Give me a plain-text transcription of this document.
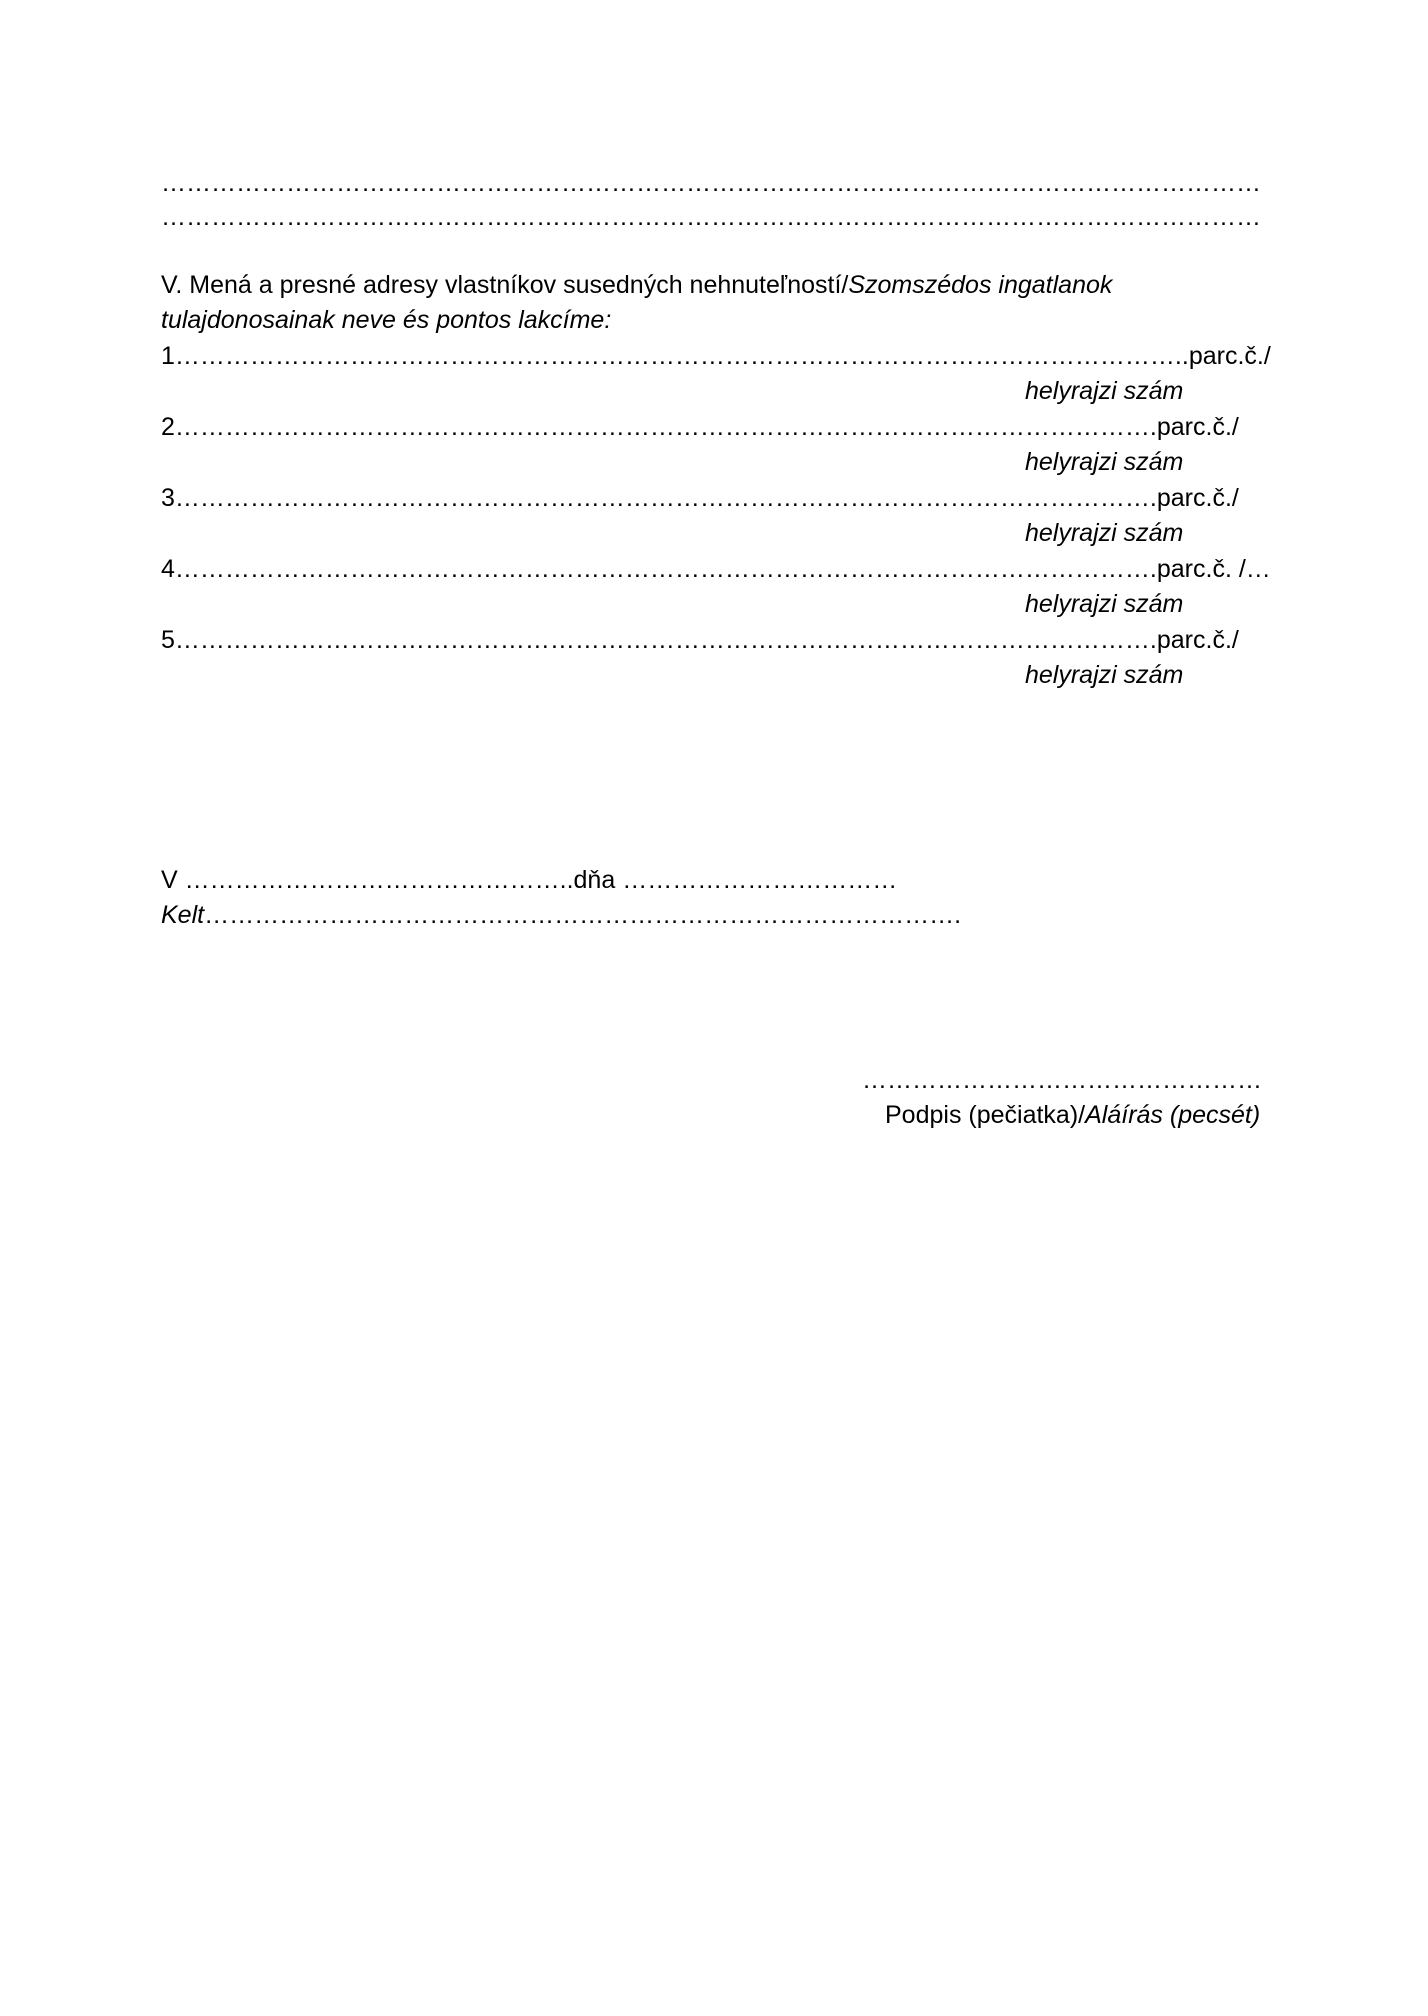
……………………………………………………………………………………………………………………
……………………………………………………………………………………………………………………
V. Mená a presné adresy vlastníkov susedných nehnuteľností/Szomszédos ingatlanok
tulajdonosainak neve és pontos lakcíme:
1…………………………………………………………………………………………………………..parc.č./
helyrajzi szám
2……………………………………………………………………………………………………….parc.č./
helyrajzi szám
3……………………………………………………………………………………………………….parc.č./
helyrajzi szám
4……………………………………………………………………………………………………….parc.č. /…
helyrajzi szám
5……………………………………………………………………………………………………….parc.č./
helyrajzi szám
V ………………………………………..dňa ……………………………
Kelt……………………………………………………………………………….
…………………………………………
Podpis (pečiatka)/Aláírás (pecsét)
